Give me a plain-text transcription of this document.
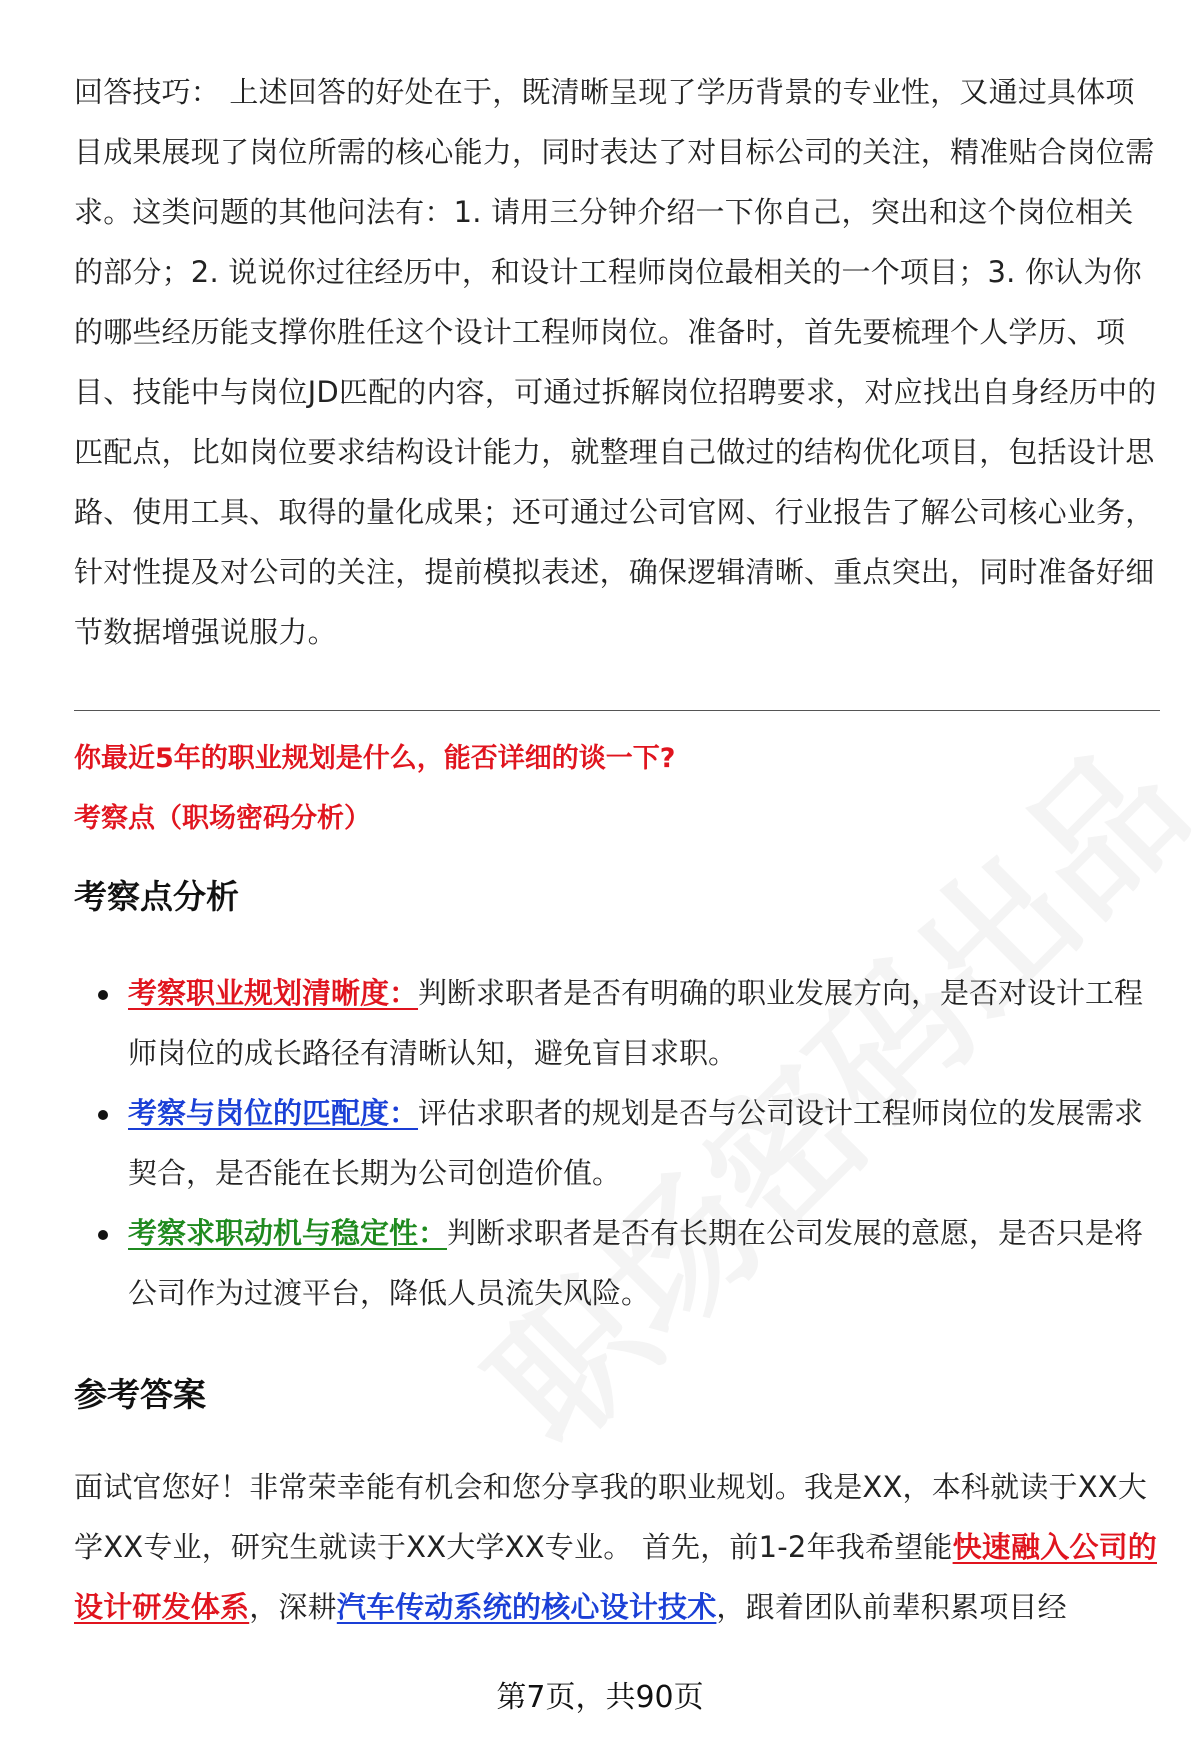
回答技巧： 上述回答的好处在于，既清晰呈现了学历背景的专业性，又通过具体项目成果展现了岗位所需的核心能力，同时表达了对目标公司的关注，精准贴合岗位需求。这类问题的其他问法有：1. 请用三分钟介绍一下你自己，突出和这个岗位相关的部分；2. 说说你过往经历中，和设计工程师岗位最相关的一个项目；3. 你认为你的哪些经历能支撑你胜任这个设计工程师岗位。准备时，首先要梳理个人学历、项目、技能中与岗位JD匹配的内容，可通过拆解岗位招聘要求，对应找出自身经历中的匹配点，比如岗位要求结构设计能力，就整理自己做过的结构优化项目，包括设计思路、使用工具、取得的量化成果；还可通过公司官网、行业报告了解公司核心业务，针对性提及对公司的关注，提前模拟表述，确保逻辑清晰、重点突出，同时准备好细节数据增强说服力。

你最近5年的职业规划是什么，能否详细的谈一下?

考察点（职场密码分析）

考察点分析
考察职业规划清晰度：判断求职者是否有明确的职业发展方向，是否对设计工程师岗位的成长路径有清晰认知，避免盲目求职。
考察与岗位的匹配度：评估求职者的规划是否与公司设计工程师岗位的发展需求契合，是否能在长期为公司创造价值。
考察求职动机与稳定性：判断求职者是否有长期在公司发展的意愿，是否只是将公司作为过渡平台，降低人员流失风险。
参考答案

面试官您好！非常荣幸能有机会和您分享我的职业规划。我是XX，本科就读于XX大学XX专业，研究生就读于XX大学XX专业。 首先，前1-2年我希望能快速融入公司的设计研发体系，深耕汽车传动系统的核心设计技术，跟着团队前辈积累项目经

第7页，共90页
